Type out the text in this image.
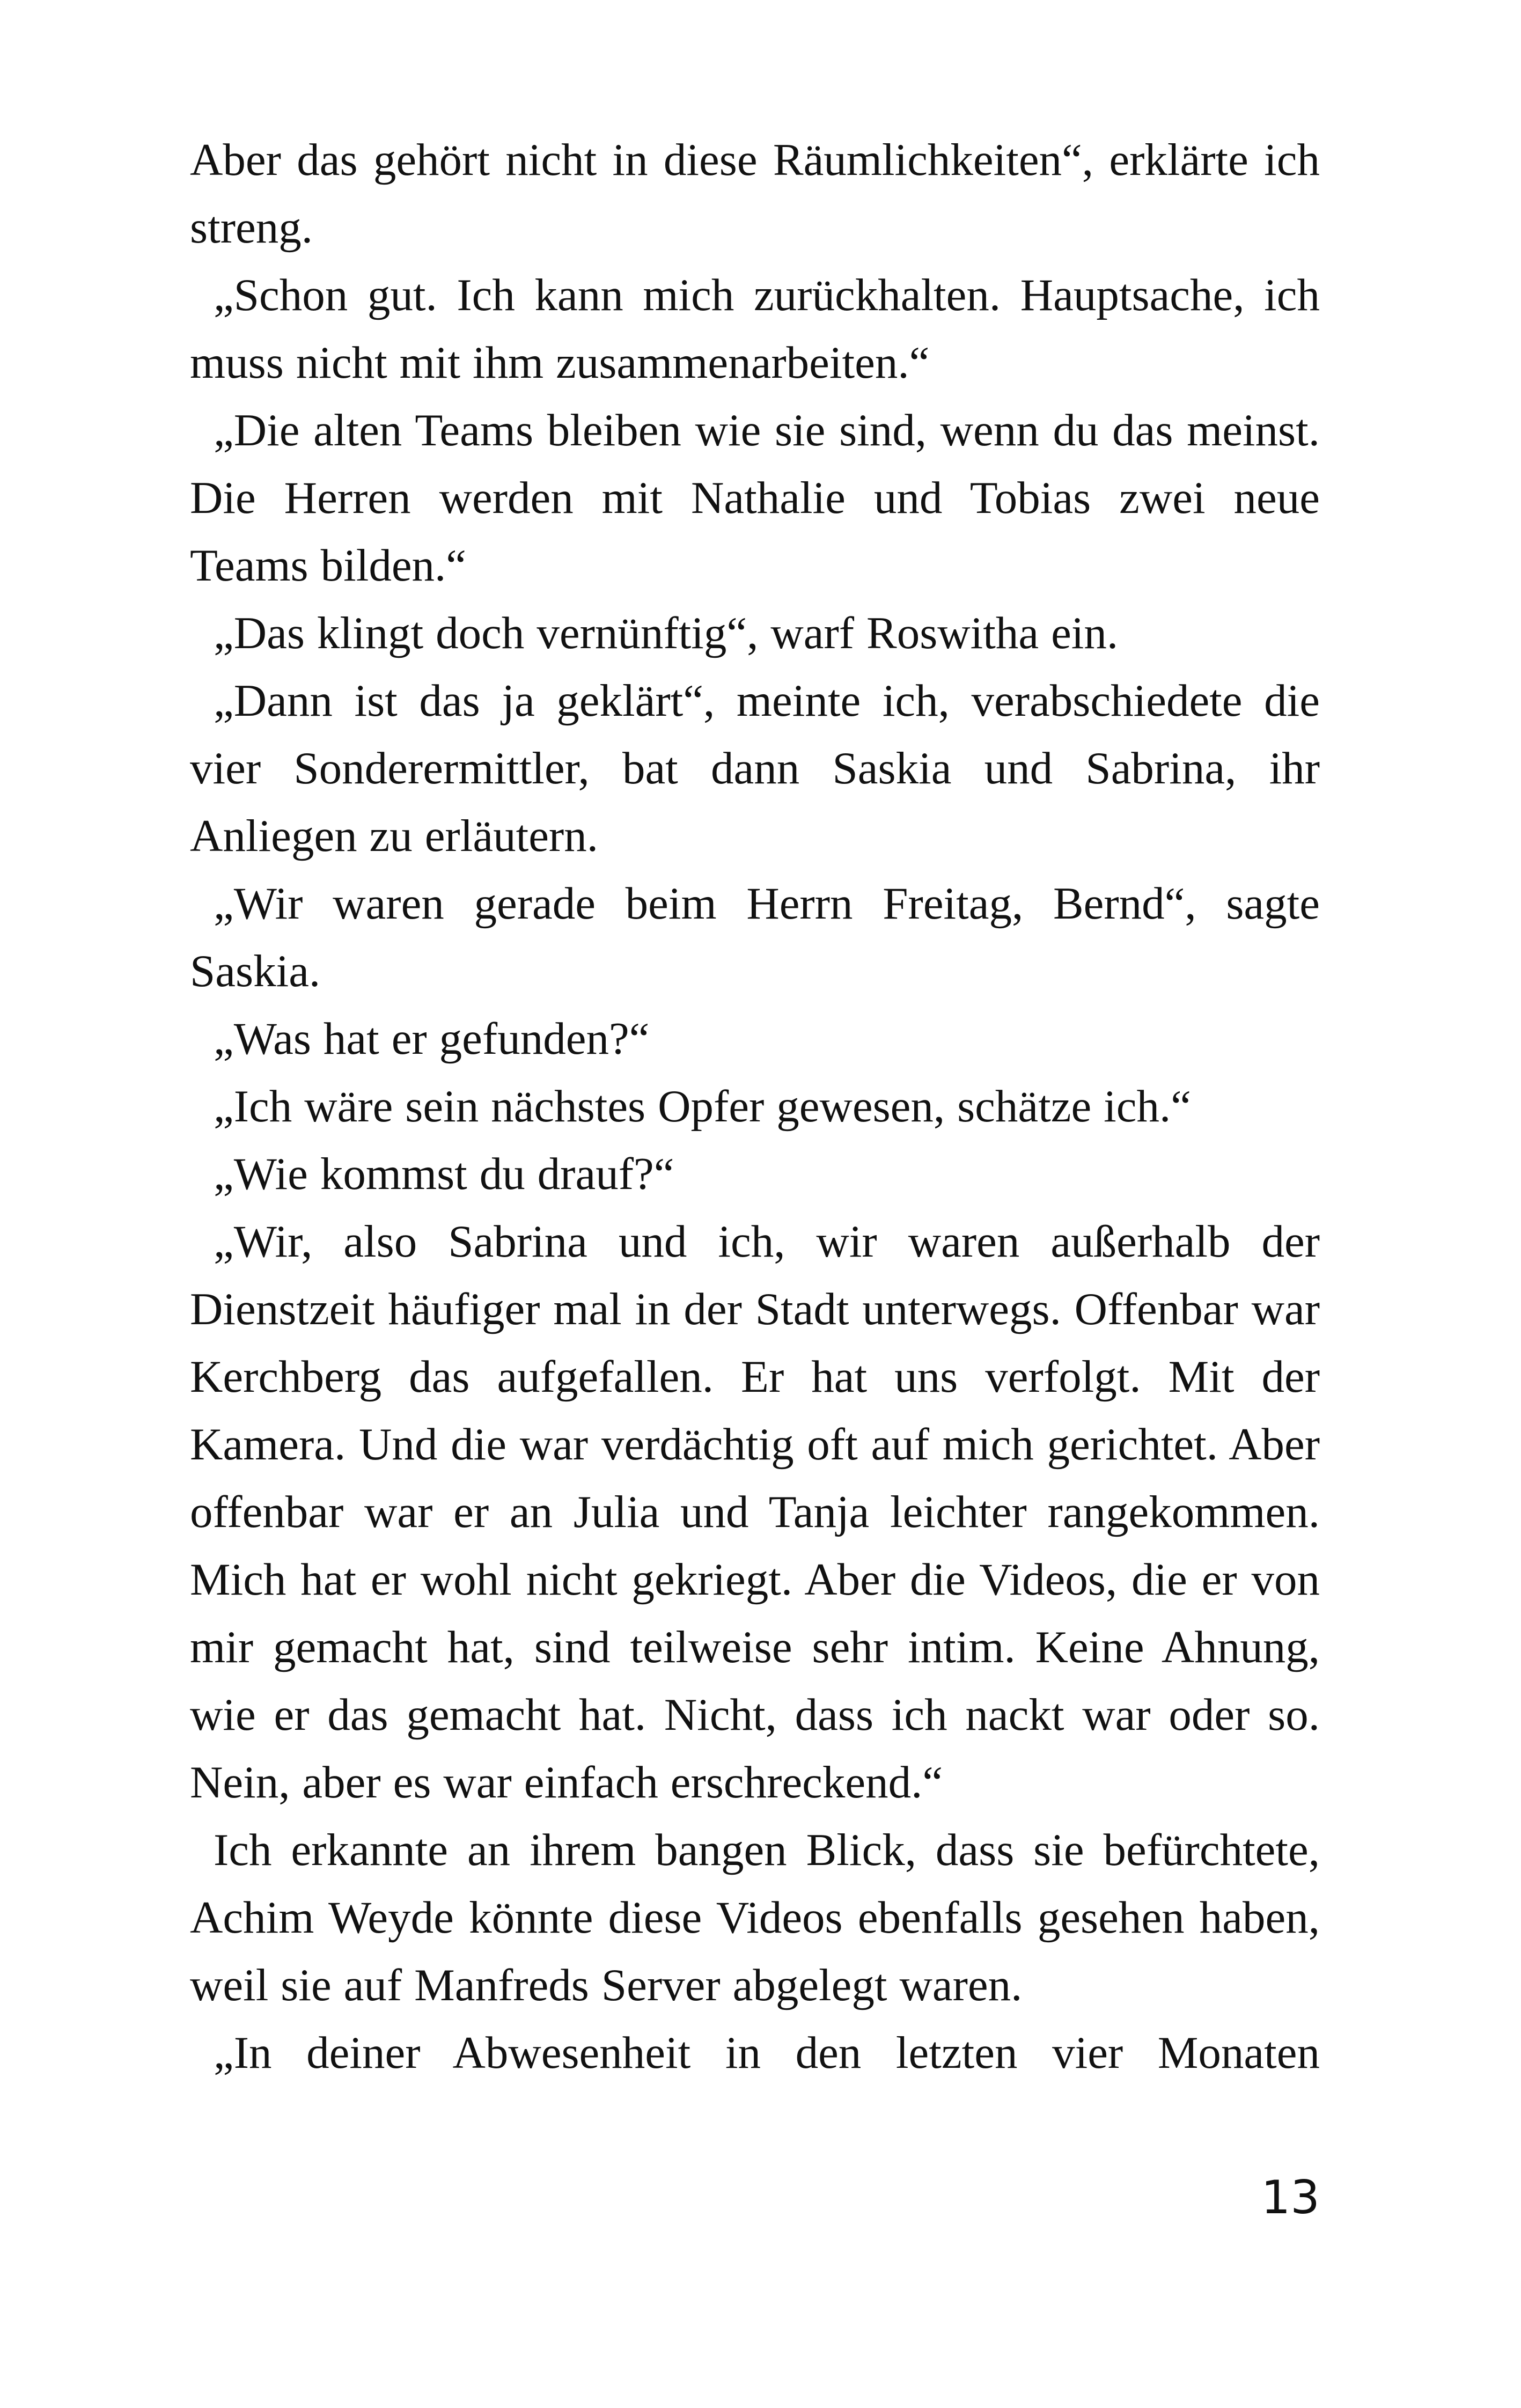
Aber das gehört nicht in diese Räumlichkeiten“, erklärte ich streng.

„Schon gut. Ich kann mich zurückhalten. Hauptsache, ich muss nicht mit ihm zusammenarbeiten.“

„Die alten Teams bleiben wie sie sind, wenn du das meinst. Die Herren werden mit Nathalie und Tobias zwei neue Teams bilden.“

„Das klingt doch vernünftig“, warf Roswitha ein.

„Dann ist das ja geklärt“, meinte ich, verabschiedete die vier Sonderermittler, bat dann Saskia und Sabrina, ihr Anliegen zu erläutern.

„Wir waren gerade beim Herrn Freitag, Bernd“, sagte Saskia.

„Was hat er gefunden?“

„Ich wäre sein nächstes Opfer gewesen, schätze ich.“

„Wie kommst du drauf?“

„Wir, also Sabrina und ich, wir waren außerhalb der Dienstzeit häufiger mal in der Stadt unterwegs. Offenbar war Kerchberg das aufgefallen. Er hat uns verfolgt. Mit der Kamera. Und die war verdächtig oft auf mich gerichtet. Aber offenbar war er an Julia und Tanja leichter rangekommen. Mich hat er wohl nicht gekriegt. Aber die Videos, die er von mir gemacht hat, sind teilweise sehr intim. Keine Ahnung, wie er das gemacht hat. Nicht, dass ich nackt war oder so. Nein, aber es war einfach erschreckend.“

Ich erkannte an ihrem bangen Blick, dass sie befürchtete, Achim Weyde könnte diese Videos ebenfalls gesehen haben, weil sie auf Manfreds Server abgelegt waren.

„In deiner Abwesenheit in den letzten vier Monaten

13
